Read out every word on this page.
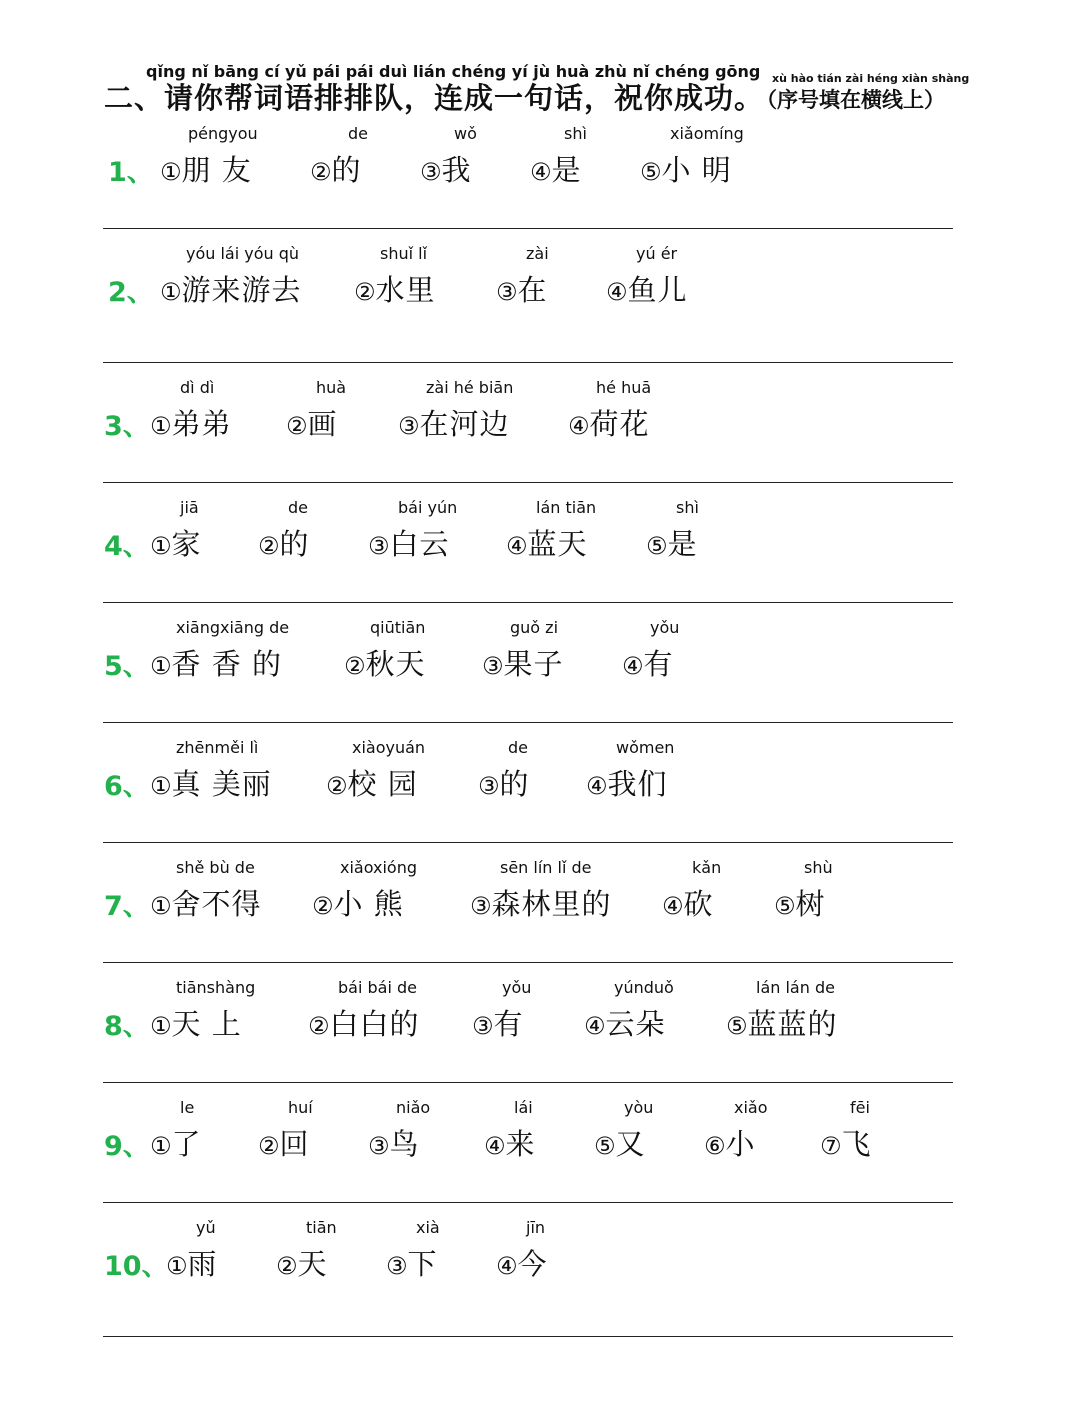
qǐng nǐ bāng cí yǔ pái pái duì lián chéng yí jù huà zhù nǐ chéng gōng
二、请你帮词语排排队，连成一句话，祝你成功。
xù hào tián zài héng xiàn shàng
（序号填在横线上）
1、
péngyou
①朋 友
de
②的
wǒ
③我
shì
④是
xiǎomíng
⑤小 明
2、
yóu lái yóu qù
①游来游去
shuǐ lǐ
②水里
zài
③在
yú ér
④鱼儿
3、
dì dì
①弟弟
huà
②画
zài hé biān
③在河边
hé huā
④荷花
4、
jiā
①家
de
②的
bái yún
③白云
lán tiān
④蓝天
shì
⑤是
5、
xiāngxiāng de
①香 香 的
qiūtiān
②秋天
guǒ zi
③果子
yǒu
④有
6、
zhēnměi lì
①真 美丽
xiàoyuán
②校 园
de
③的
wǒmen
④我们
7、
shě bù de
①舍不得
xiǎoxióng
②小 熊
sēn lín lǐ de
③森林里的
kǎn
④砍
shù
⑤树
8、
tiānshàng
①天 上
bái bái de
②白白的
yǒu
③有
yúnduǒ
④云朵
lán lán de
⑤蓝蓝的
9、
le
①了
huí
②回
niǎo
③鸟
lái
④来
yòu
⑤又
xiǎo
⑥小
fēi
⑦飞
10、
yǔ
①雨
tiān
②天
xià
③下
jīn
④今
